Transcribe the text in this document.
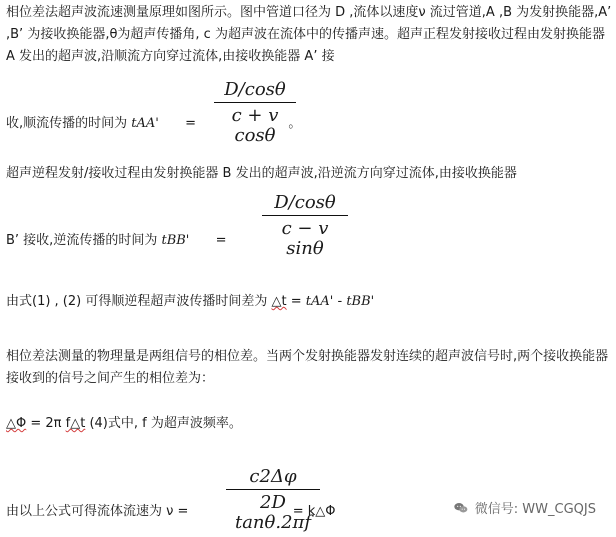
相位差法超声波流速测量原理如图所示。图中管道口径为 D ,流体以速度ν 流过管道,A ,B 为发射换能器,A’ ,B’ 为接收换能器,θ为超声传播角, c 为超声波在流体中的传播声速。超声正程发射接收过程由发射换能器 A 发出的超声波,沿顺流方向穿过流体,由接收换能器 A’ 接
收,顺流传播的时间为 tAA'  =	。
D/cosθ
c + v cosθ
超声逆程发射/接收过程由发射换能器 B 发出的超声波,沿逆流方向穿过流体,由接收换能器
B’ 接收,逆流传播的时间为 tBB'  =
D/cosθ
c − v sinθ
由式(1) , (2) 可得顺逆程超声波传播时间差为 △t = tAA' - tBB'
相位差法测量的物理量是两组信号的相位差。当两个发射换能器发射连续的超声波信号时,两个接收换能器接收到的信号之间产生的相位差为：
△Φ = 2π f△t (4)式中, f 为超声波频率。
由以上公式可得流体流速为 ν =	= k△Φ
c2Δφ
2D tanθ.2πf
微信号: WW_CGQJS
